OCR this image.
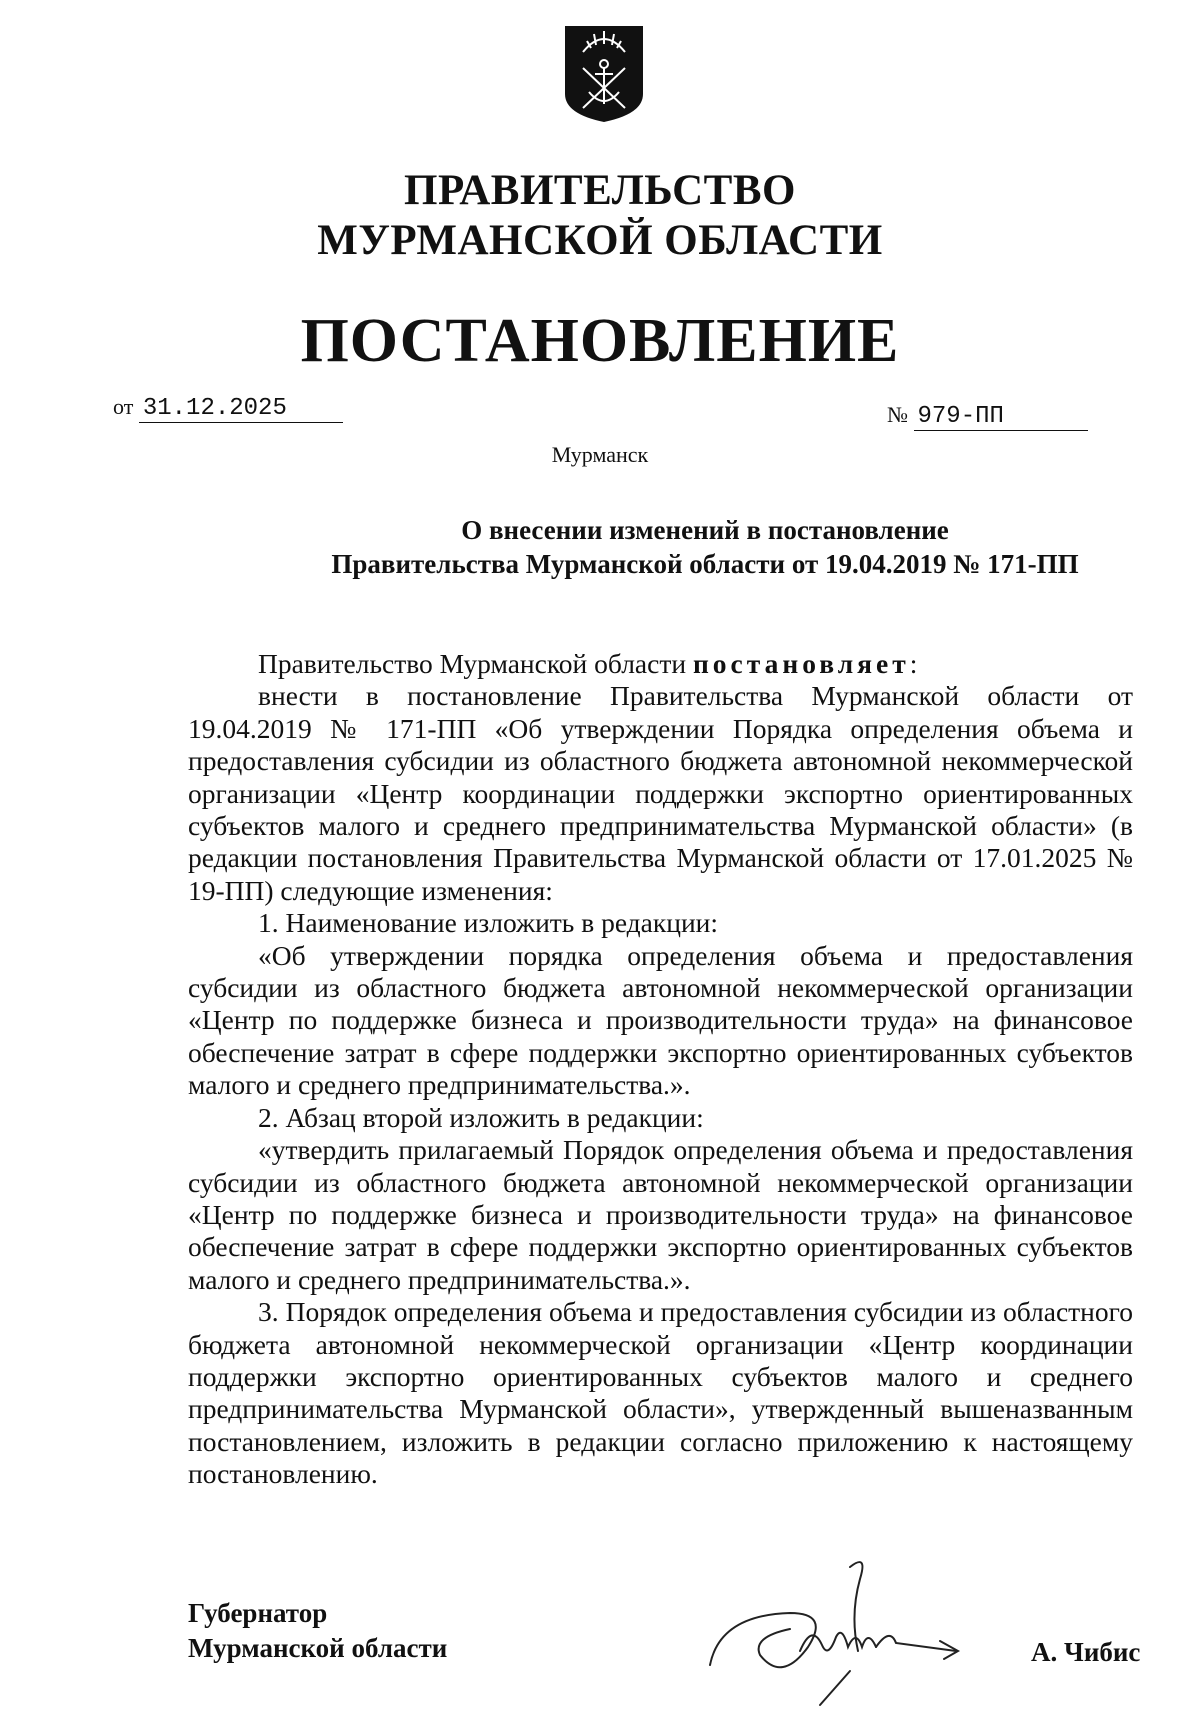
ПРАВИТЕЛЬСТВО
МУРМАНСКОЙ ОБЛАСТИ
ПОСТАНОВЛЕНИЕ
от 31.12.2025	№ 979-ПП
Мурманск
О внесении изменений в постановление
Правительства Мурманской области от 19.04.2019 № 171-ПП

Правительство Мурманской области постановляет:

внести в постановление Правительства Мурманской области от 19.04.2019 № 171-ПП «Об утверждении Порядка определения объема и предоставления субсидии из областного бюджета автономной некоммерческой организации «Центр координации поддержки экспортно ориентированных субъектов малого и среднего предпринимательства Мурманской области» (в редакции постановления Правительства Мурманской области от 17.01.2025 № 19-ПП) следующие изменения:

1. Наименование изложить в редакции:

«Об утверждении порядка определения объема и предоставления субсидии из областного бюджета автономной некоммерческой организации «Центр по поддержке бизнеса и производительности труда» на финансовое обеспечение затрат в сфере поддержки экспортно ориентированных субъектов малого и среднего предпринимательства.».

2. Абзац второй изложить в редакции:

«утвердить прилагаемый Порядок определения объема и предоставления субсидии из областного бюджета автономной некоммерческой организации «Центр по поддержке бизнеса и производительности труда» на финансовое обеспечение затрат в сфере поддержки экспортно ориентированных субъектов малого и среднего предпринимательства.».

3. Порядок определения объема и предоставления субсидии из областного бюджета автономной некоммерческой организации «Центр координации поддержки экспортно ориентированных субъектов малого и среднего предпринимательства Мурманской области», утвержденный вышеназванным постановлением, изложить в редакции согласно приложению к настоящему постановлению.

Губернатор
Мурманской области	А. Чибис
